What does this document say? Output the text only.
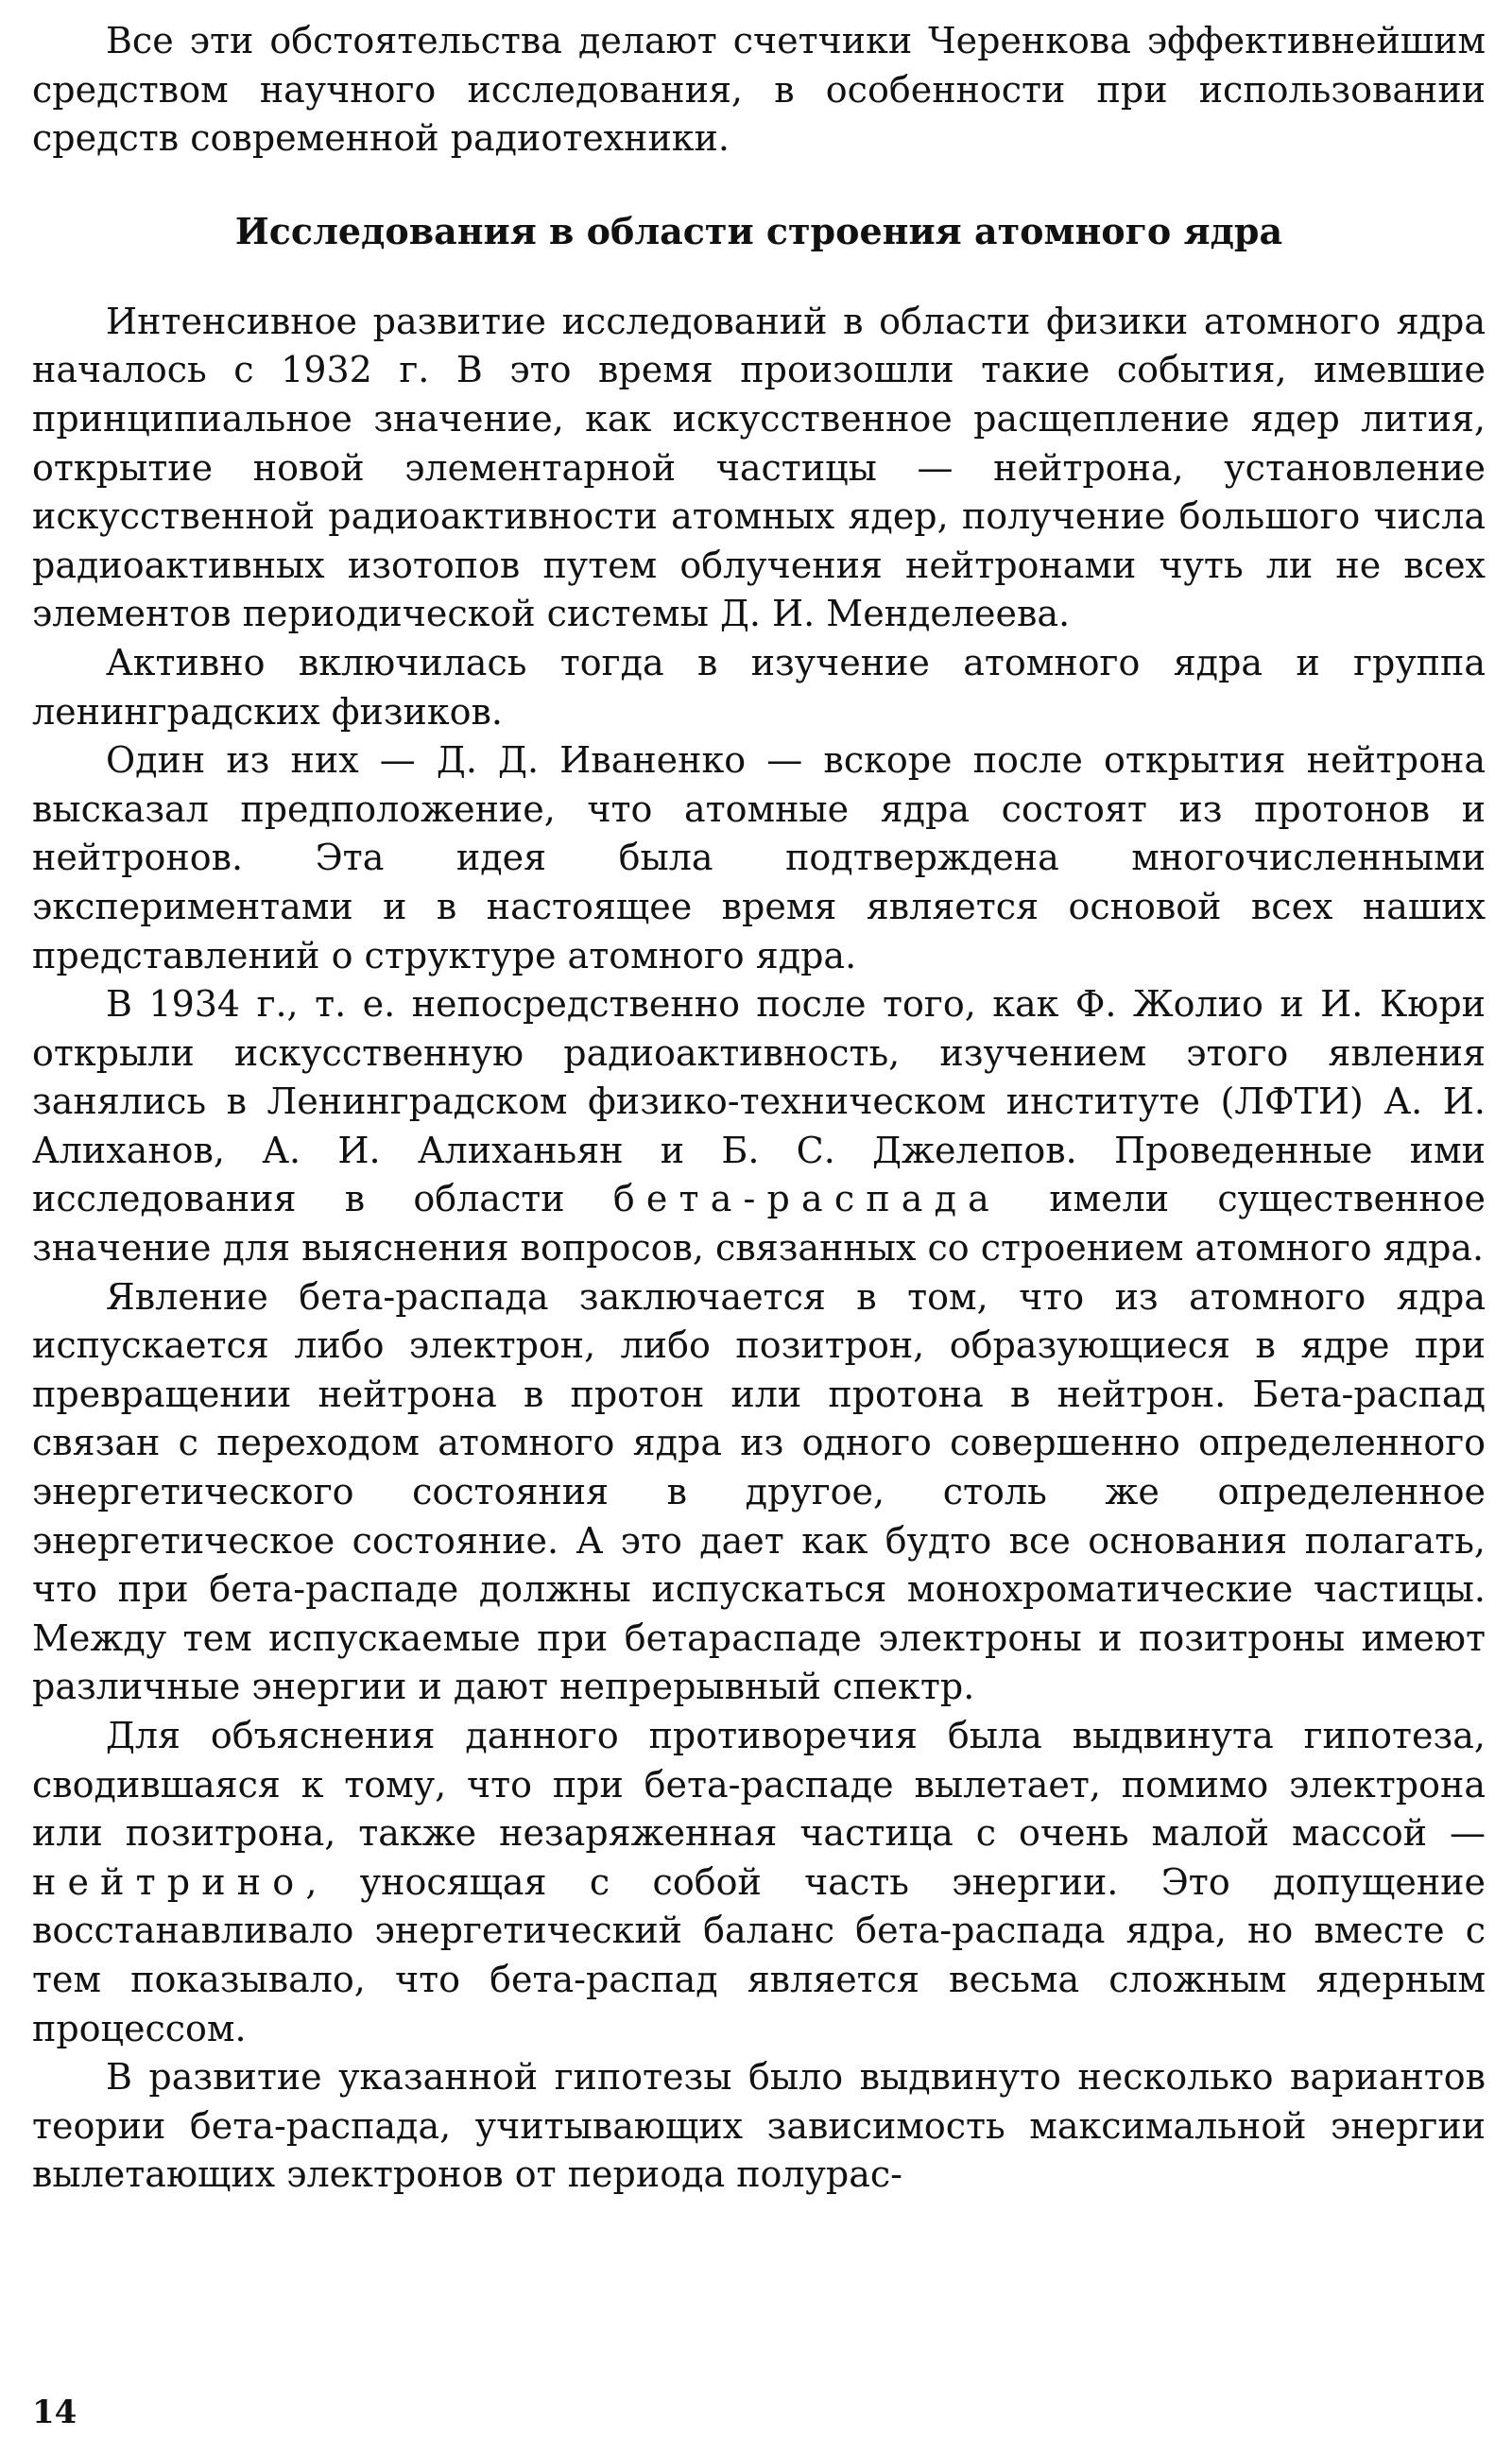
Все эти обстоятельства делают счетчики Черенкова эффективнейшим средством научного исследования, в особенности при использовании средств современной радиотехники.

Исследования в области строения атомного ядра

Интенсивное развитие исследований в области физики атомного ядра началось с 1932 г. В это время произошли такие события, имевшие принципиальное значение, как искусственное расщепление ядер лития, открытие новой элементарной частицы — нейтрона, установление искусственной радиоактивности атомных ядер, получение большого числа радиоактивных изотопов путем облучения нейтронами чуть ли не всех элементов периодической системы Д. И. Менделеева.

Активно включилась тогда в изучение атомного ядра и группа ленинградских физиков.

Один из них — Д. Д. Иваненко — вскоре после открытия нейтрона высказал предположение, что атомные ядра состоят из протонов и нейтронов. Эта идея была подтверждена многочисленными экспериментами и в настоящее время является основой всех наших представлений о структуре атомного ядра.

В 1934 г., т. е. непосредственно после того, как Ф. Жолио и И. Кюри открыли искусственную радиоактивность, изучением этого явления занялись в Ленинградском физико-техническом институте (ЛФТИ) А. И. Алиханов, А. И. Алиханьян и Б. С. Джелепов. Проведенные ими исследования в области бета-распада имели существенное значение для выяснения вопросов, связанных со строением атомного ядра.

Явление бета-распада заключается в том, что из атомного ядра испускается либо электрон, либо позитрон, образующиеся в ядре при превращении нейтрона в протон или протона в нейтрон. Бета-распад связан с переходом атомного ядра из одного совершенно определенного энергетического состояния в другое, столь же определенное энергетическое состояние. А это дает как будто все основания полагать, что при бета-распаде должны испускаться монохроматические частицы. Между тем испускаемые при бетараспаде электроны и позитроны имеют различные энергии и дают непрерывный спектр.

Для объяснения данного противоречия была выдвинута гипотеза, сводившаяся к тому, что при бета-распаде вылетает, помимо электрона или позитрона, также незаряженная частица с очень малой массой — нейтрино, уносящая с собой часть энергии. Это допущение восстанавливало энергетический баланс бета-распада ядра, но вместе с тем показывало, что бета-распад является весьма сложным ядерным процессом.

В развитие указанной гипотезы было выдвинуто несколько вариантов теории бета-распада, учитывающих зависимость максимальной энергии вылетающих электронов от периода полурас-

14
